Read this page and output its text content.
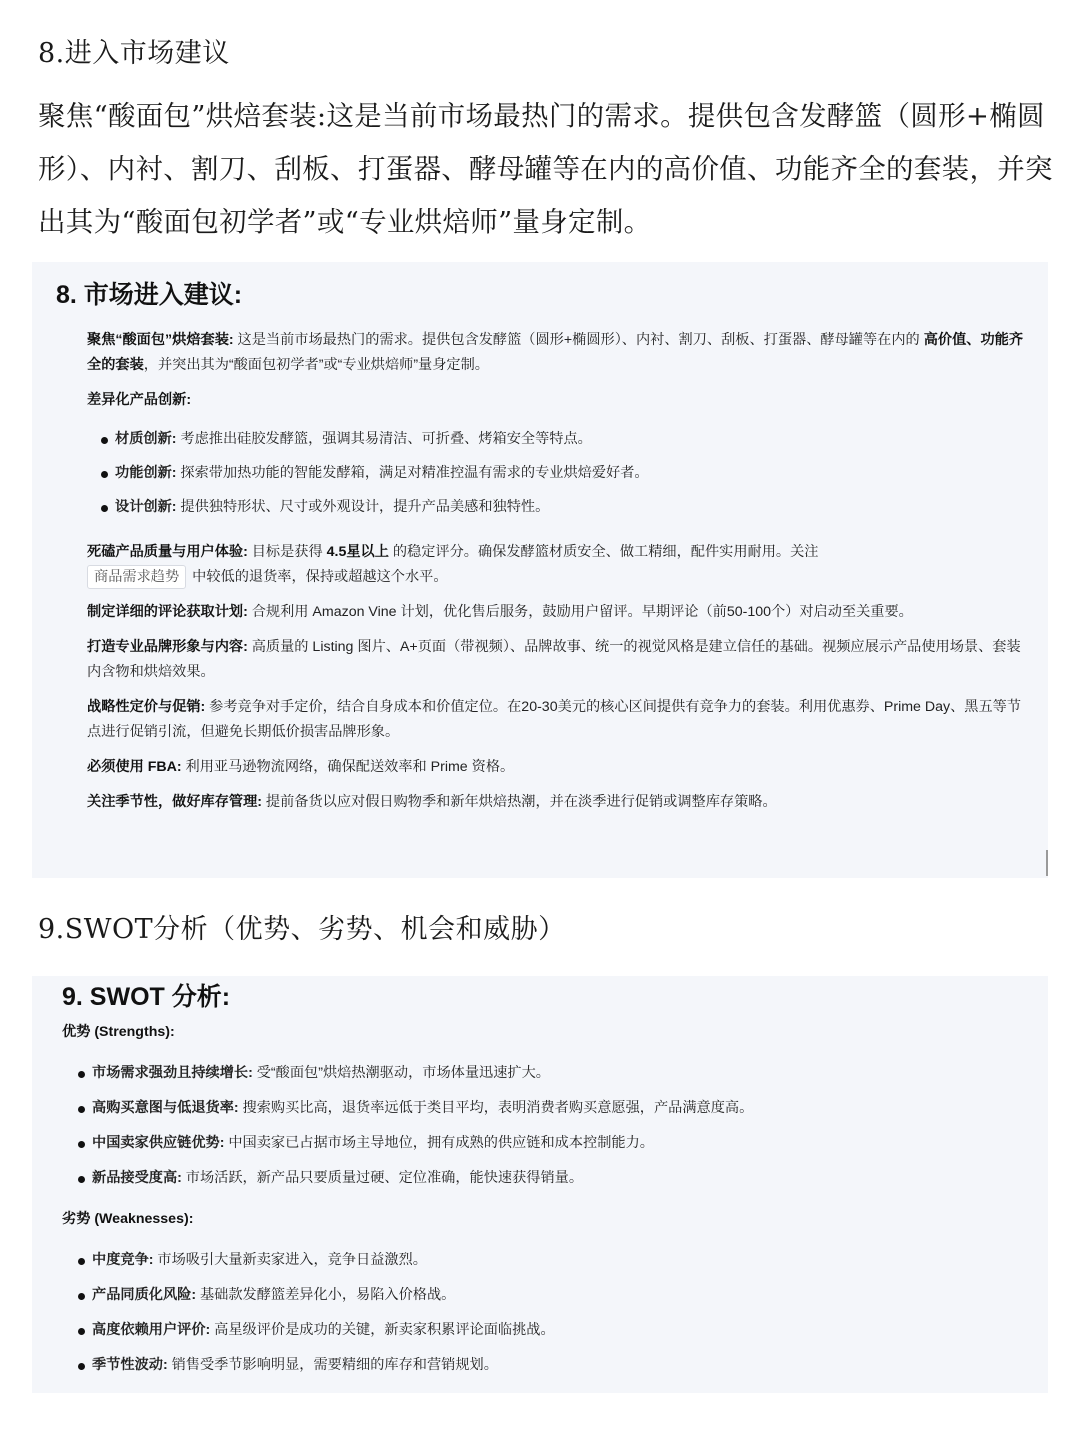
8.进入市场建议
聚焦“酸面包”烘焙套装:这是当前市场最热门的需求。提供包含发酵篮（圆形+椭圆形）、内衬、割刀、刮板、打蛋器、酵母罐等在内的高价值、功能齐全的套装，并突出其为“酸面包初学者”或“专业烘焙师”量身定制。
8. 市场进入建议:
聚焦“酸面包”烘焙套装: 这是当前市场最热门的需求。提供包含发酵篮（圆形+椭圆形）、内衬、割刀、刮板、打蛋器、酵母罐等在内的 高价值、功能齐全的套装，并突出其为“酸面包初学者”或“专业烘焙师”量身定制。
差异化产品创新:
材质创新: 考虑推出硅胶发酵篮，强调其易清洁、可折叠、烤箱安全等特点。
功能创新: 探索带加热功能的智能发酵箱，满足对精准控温有需求的专业烘焙爱好者。
设计创新: 提供独特形状、尺寸或外观设计，提升产品美感和独特性。
死磕产品质量与用户体验: 目标是获得 4.5星以上 的稳定评分。确保发酵篮材质安全、做工精细，配件实用耐用。关注
商品需求趋势 中较低的退货率，保持或超越这个水平。
制定详细的评论获取计划: 合规利用 Amazon Vine 计划，优化售后服务，鼓励用户留评。早期评论（前50-100个）对启动至关重要。
打造专业品牌形象与内容: 高质量的 Listing 图片、A+页面（带视频）、品牌故事、统一的视觉风格是建立信任的基础。视频应展示产品使用场景、套装内含物和烘焙效果。
战略性定价与促销: 参考竞争对手定价，结合自身成本和价值定位。在20-30美元的核心区间提供有竞争力的套装。利用优惠券、Prime Day、黑五等节点进行促销引流，但避免长期低价损害品牌形象。
必须使用 FBA: 利用亚马逊物流网络，确保配送效率和 Prime 资格。
关注季节性，做好库存管理: 提前备货以应对假日购物季和新年烘焙热潮，并在淡季进行促销或调整库存策略。
9.SWOT分析（优势、劣势、机会和威胁）
9. SWOT 分析:
优势 (Strengths):
市场需求强劲且持续增长: 受“酸面包”烘焙热潮驱动，市场体量迅速扩大。
高购买意图与低退货率: 搜索购买比高，退货率远低于类目平均，表明消费者购买意愿强，产品满意度高。
中国卖家供应链优势: 中国卖家已占据市场主导地位，拥有成熟的供应链和成本控制能力。
新品接受度高: 市场活跃，新产品只要质量过硬、定位准确，能快速获得销量。
劣势 (Weaknesses):
中度竞争: 市场吸引大量新卖家进入，竞争日益激烈。
产品同质化风险: 基础款发酵篮差异化小，易陷入价格战。
高度依赖用户评价: 高星级评价是成功的关键，新卖家积累评论面临挑战。
季节性波动: 销售受季节影响明显，需要精细的库存和营销规划。
